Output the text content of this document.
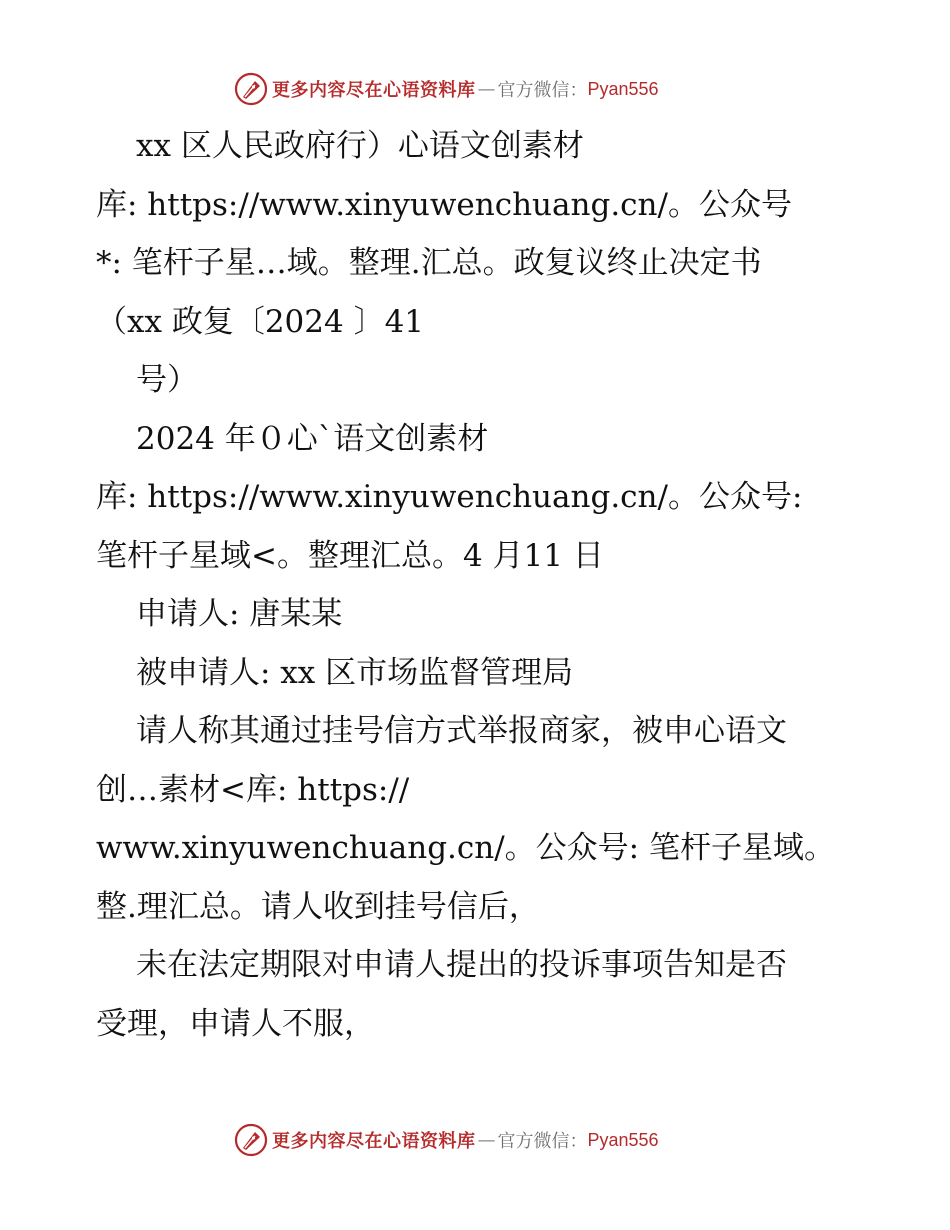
更多内容尽在心语资料库 — 官方微信： Pyan556
xx 区人民政府行）心语文创素材
库: https://www.xinyuwenchuang.cn/。公众号
*: 笔杆子星…域。整理.汇总。政复议终止决定书
（xx 政复〔2024 〕41
号）
2024 年０心`语文创素材
库: https://www.xinyuwenchuang.cn/。公众号:
笔杆子星域<。整理汇总。4 月11 日
申请人: 唐某某
被申请人: xx 区市场监督管理局
请人称其通过挂号信方式举报商家，被申心语文
创…素材<库: https://
www.xinyuwenchuang.cn/。公众号: 笔杆子星域。
整.理汇总。请人收到挂号信后，
未在法定期限对申请人提出的投诉事项告知是否
受理，申请人不服，
更多内容尽在心语资料库 — 官方微信： Pyan556
